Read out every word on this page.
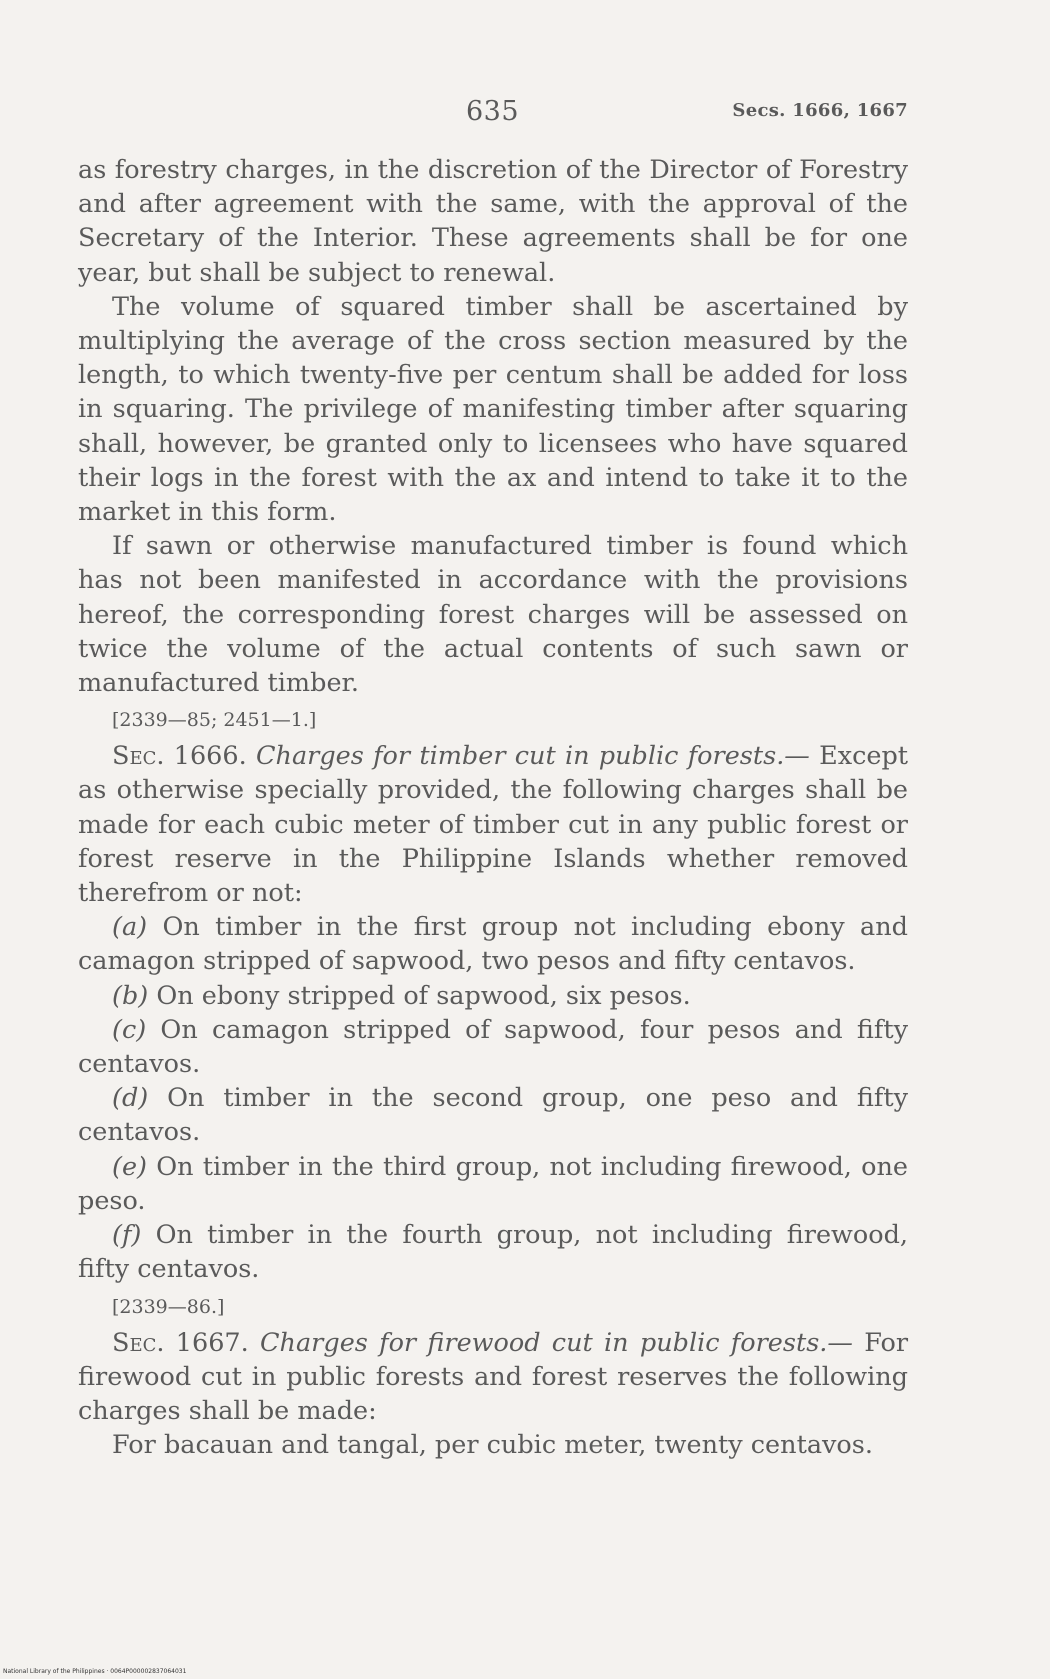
635	Secs. 1666, 1667

as forestry charges, in the discretion of the Director of Forestry and after agreement with the same, with the approval of the Secretary of the Interior. These agreements shall be for one year, but shall be subject to renewal.

The volume of squared timber shall be ascertained by multiplying the average of the cross section measured by the length, to which twenty-five per centum shall be added for loss in squaring. The privilege of manifesting timber after squaring shall, however, be granted only to licensees who have squared their logs in the forest with the ax and intend to take it to the market in this form.

If sawn or otherwise manufactured timber is found which has not been manifested in accordance with the provisions hereof, the corresponding forest charges will be assessed on twice the volume of the actual contents of such sawn or manufactured timber.

[2339—85; 2451—1.]

Sec. 1666. Charges for timber cut in public forests.— Except as otherwise specially provided, the following charges shall be made for each cubic meter of timber cut in any public forest or forest reserve in the Philippine Islands whether removed therefrom or not:

(a) On timber in the first group not including ebony and camagon stripped of sapwood, two pesos and fifty centavos.

(b) On ebony stripped of sapwood, six pesos.

(c) On camagon stripped of sapwood, four pesos and fifty centavos.

(d) On timber in the second group, one peso and fifty centavos.

(e) On timber in the third group, not including firewood, one peso.

(f) On timber in the fourth group, not including firewood, fifty centavos.

[2339—86.]

Sec. 1667. Charges for firewood cut in public forests.— For firewood cut in public forests and forest reserves the following charges shall be made:

For bacauan and tangal, per cubic meter, twenty centavos.

National Library of the Philippines · 0064P000002837064031
